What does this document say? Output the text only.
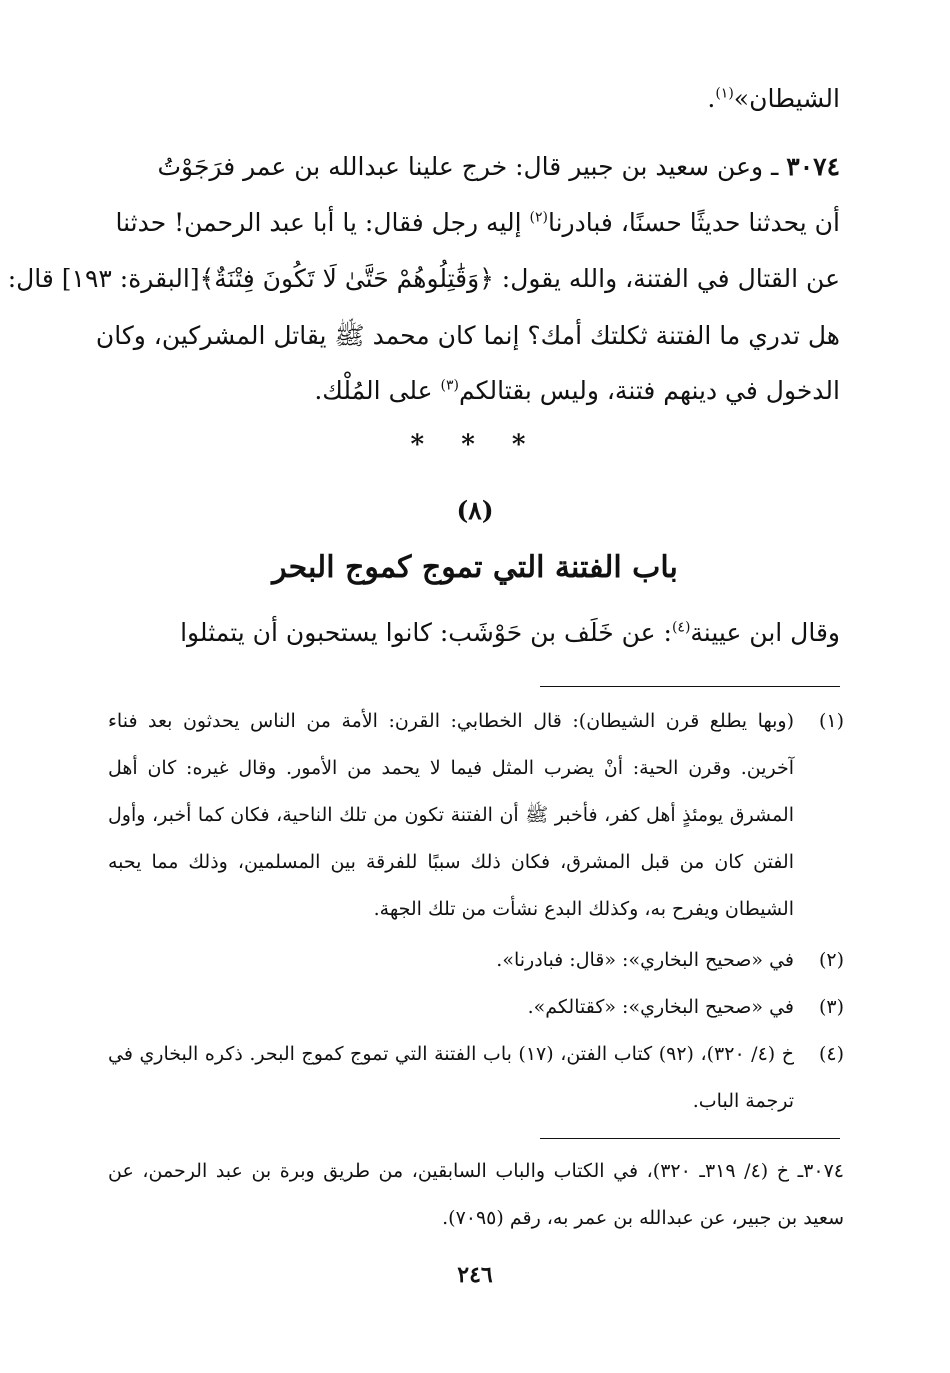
الشيطان»$^{(١)}$.
٣٠٧٤ ـ وعن سعيد بن جبير قال: خرج علينا عبدالله بن عمر فرَجَوْتُ
أن يحدثنا حديثًا حسنًا، فبادرنا$^{(٢)}$ إليه رجل فقال: يا أبا عبد الرحمن! حدثنا
عن القتال في الفتنة، والله يقول: ﴿وَقَٰتِلُوهُمْ حَتَّىٰ لَا تَكُونَ فِتْنَةٌ﴾[البقرة: ١٩٣] قال:
هل تدري ما الفتنة ثكلتك أمك؟ إنما كان محمد ﷺ يقاتل المشركين، وكان
الدخول في دينهم فتنة، وليس بقتالكم$^{(٣)}$ على المُلْك.
* * *
(٨)
باب الفتنة التي تموج كموج البحر
وقال ابن عيينة$^{(٤)}$: عن خَلَف بن حَوْشَب: كانوا يستحبون أن يتمثلوا
(١)
(وبها يطلع قرن الشيطان): قال الخطابي: القرن: الأمة من الناس يحدثون بعد فناء آخرين. وقرن الحية: أنْ يضرب المثل فيما لا يحمد من الأمور. وقال غيره: كان أهل المشرق يومئذٍ أهل كفر، فأخبر ﷺ أن الفتنة تكون من تلك الناحية، فكان كما أخبر، وأول الفتن كان من قبل المشرق، فكان ذلك سببًا للفرقة بين المسلمين، وذلك مما يحبه الشيطان ويفرح به، وكذلك البدع نشأت من تلك الجهة.
(٢)
في «صحيح البخاري»: «قال: فبادرنا».
(٣)
في «صحيح البخاري»: «كقتالكم».
(٤)
خ (٤/ ٣٢٠)، (٩٢) كتاب الفتن، (١٧) باب الفتنة التي تموج كموج البحر. ذكره البخاري في ترجمة الباب.
٣٠٧٤ـ خ (٤/ ٣١٩ـ ٣٢٠)، في الكتاب والباب السابقين، من طريق وبرة بن عبد الرحمن، عن سعيد بن جبير، عن عبدالله بن عمر به، رقم (٧٠٩٥).
٢٤٦
